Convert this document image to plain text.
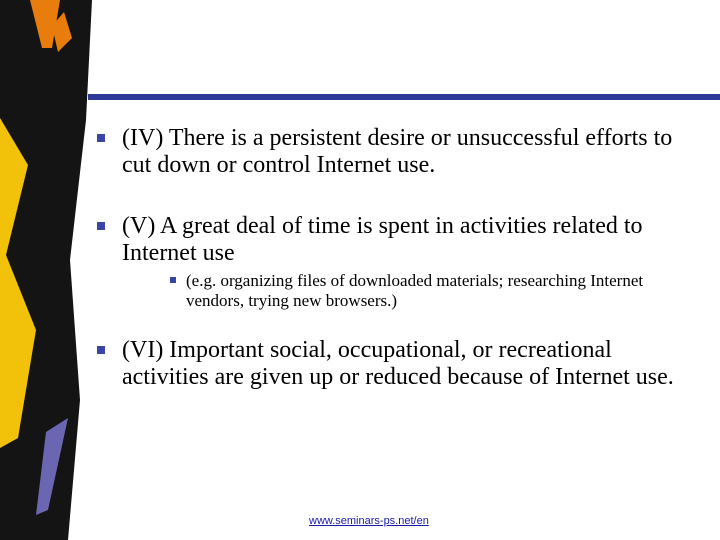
(IV) There is a persistent desire or unsuccessful efforts to cut down or control Internet use.
(V) A great deal of time is spent in activities related to Internet use
(e.g. organizing files of downloaded materials; researching Internet vendors, trying new browsers.)
(VI) Important social, occupational, or recreational activities are given up or reduced because of Internet use.
www.seminars-ps.net/en
